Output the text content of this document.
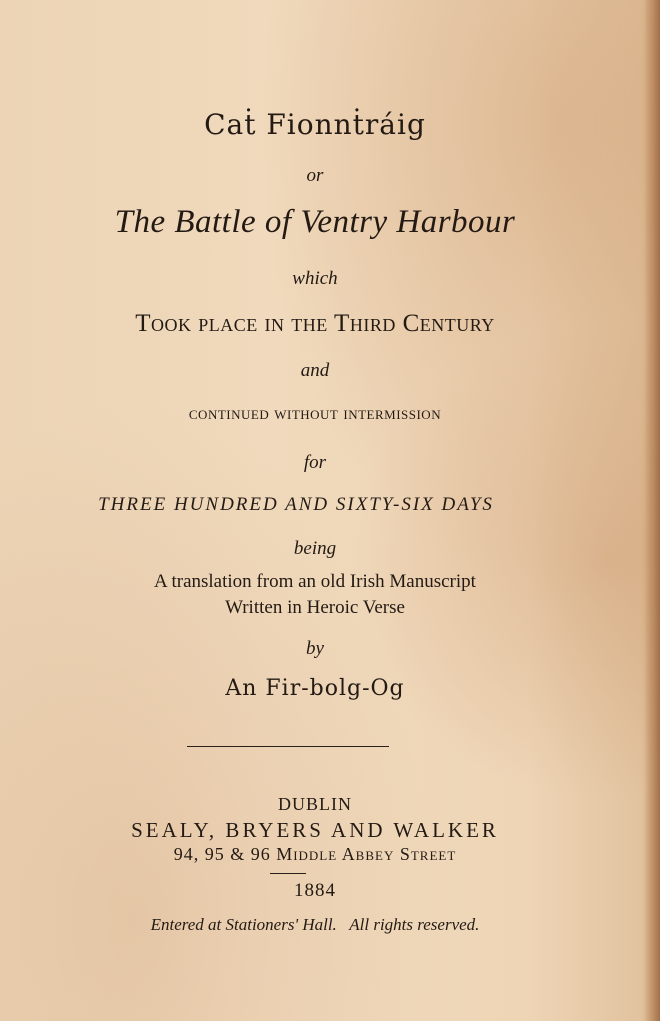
Caṫ Fionnṫráig
or
The Battle of Ventry Harbour
which
Took place in the Third Century
and
continued without intermission
for
THREE HUNDRED AND SIXTY-SIX DAYS
being
A translation from an old Irish Manuscript
Written in Heroic Verse
by
An Fir-bolg-Og
DUBLIN
SEALY, BRYERS AND WALKER
94, 95 & 96 Middle Abbey Street
1884
Entered at Stationers' Hall.   All rights reserved.
